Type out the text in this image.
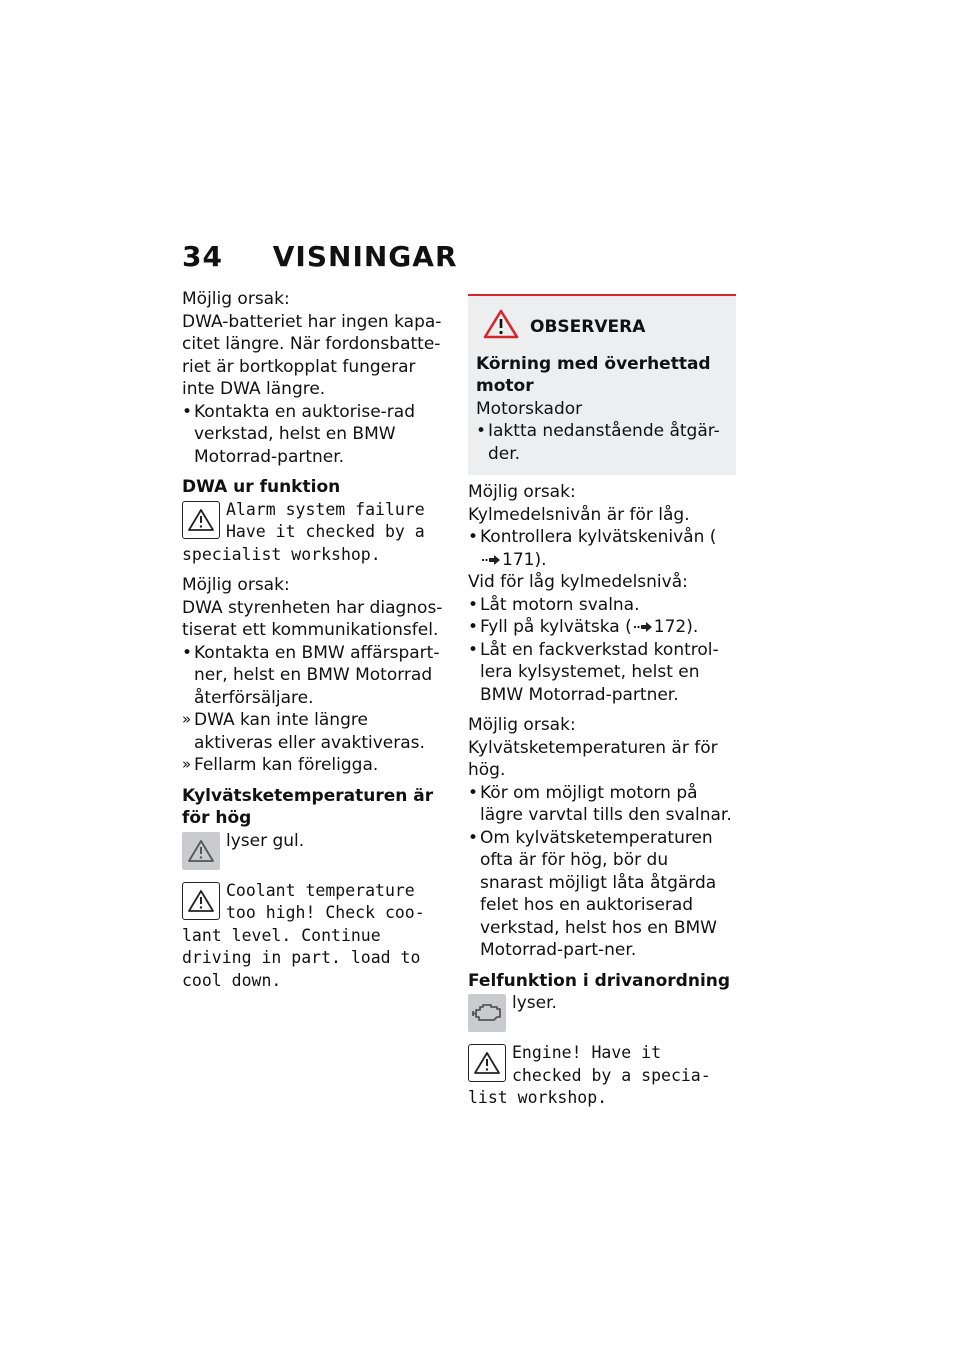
34 VISNINGAR

Möjlig orsak:

DWA-batteriet har ingen kapa-citet längre. När fordonsbatte-riet är bortkopplat fungerar inte DWA längre.

• Kontakta en auktorise-rad verkstad, helst en BMW Motorrad-partner.

DWA ur funktion

Alarm system failure Have it checked by a specialist workshop.

Möjlig orsak:

DWA styrenheten har diagnos-tiserat ett kommunikationsfel.

• Kontakta en BMW affärspart-ner, helst en BMW Motorrad återförsäljare.

» DWA kan inte längre aktiveras eller avaktiveras.

» Fellarm kan föreligga.

Kylvätsketemperaturen är för hög

lyser gul.
Coolant temperature too high! Check coo-lant level. Continue driving in part. load to cool down.
OBSERVERA

Körning med överhettad motor

Motorskador

• Iaktta nedanstående åtgär-der.

Möjlig orsak:

Kylmedelsnivån är för låg.

• Kontrollera kylvätskenivån (171).

Vid för låg kylmedelsnivå:

• Låt motorn svalna.

• Fyll på kylvätska ( 172).

• Låt en fackverkstad kontrol-lera kylsystemet, helst en BMW Motorrad-partner.

Möjlig orsak:

Kylvätsketemperaturen är för hög.

• Kör om möjligt motorn på lägre varvtal tills den svalnar.

• Om kylvätsketemperaturen ofta är för hög, bör du snarast möjligt låta åtgärda felet hos en auktoriserad verkstad, helst hos en BMW Motorrad-part-ner.

Felfunktion i drivanordning

lyser.
Engine! Have it checked by a specia-list workshop.
